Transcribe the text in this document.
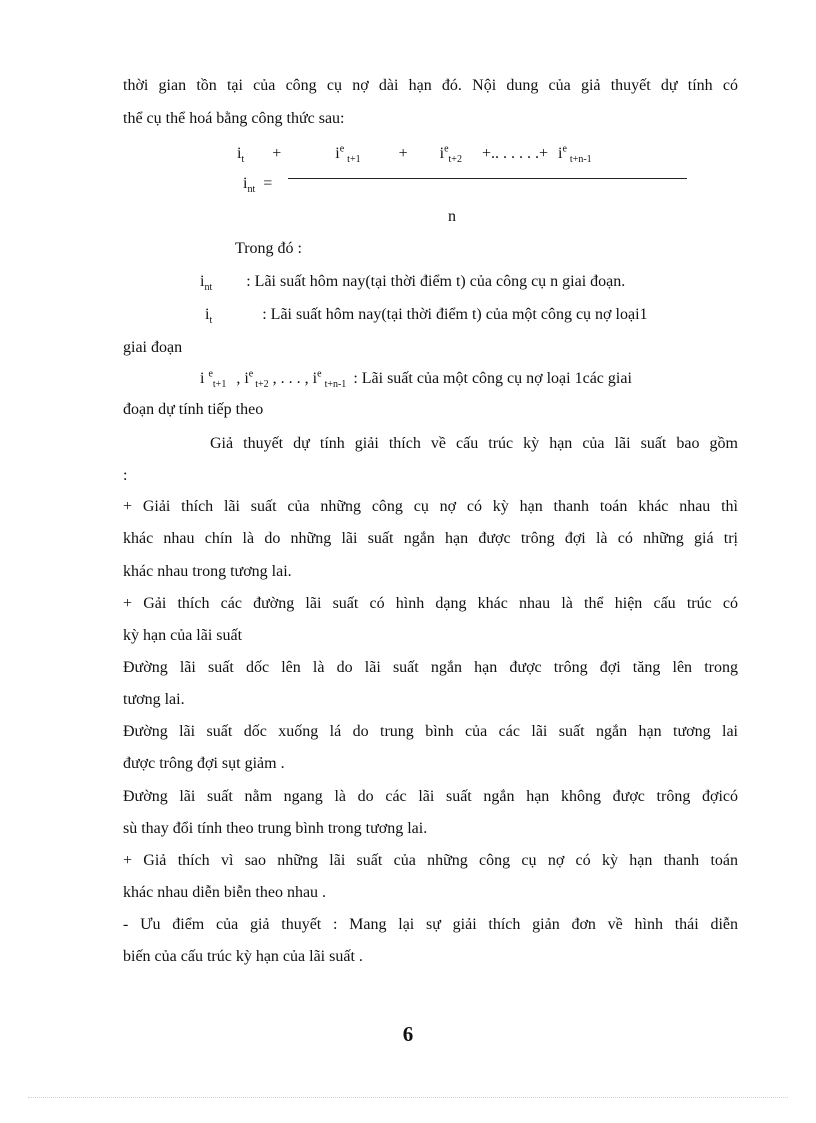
thời gian tồn tại của công cụ nợ dài hạn đó. Nội dung của giả thuyết dự tính có
thể cụ thể hoá bằng công thức sau:
$i_t$ +	$i^e_{t+1} + i^e_{t+2}$ +.. . . . . .+ $i^e_{t+n-1}$
$i_{nt}$ =
n
Trong đó :
$i_{nt}$ : Lãi suất hôm nay(tại thời điểm t) của công cụ n giai đoạn.
$i_t$	: Lãi suất hôm nay(tại thời điểm t) của một công cụ nợ loại1
giai đoạn
i $^e_{t+1}$ , $i^e_{t+2}$ , . . . , $i^e_{t+n-1}$ : Lãi suất của một công cụ nợ loại 1các giai
đoạn dự tính tiếp theo
Giả thuyết dự tính giải thích về cấu trúc kỳ hạn của lãi suất bao gồm
:
+ Giải thích lãi suất của những công cụ nợ có kỳ hạn thanh toán khác nhau thì
khác nhau chín là do những lãi suất ngắn hạn được trông đợi là có những giá trị
khác nhau trong tương lai.
+ Gải thích các đường lãi suất có hình dạng khác nhau là thể hiện cấu trúc có
kỳ hạn của lãi suất
Đường lãi suất dốc lên là do lãi suất ngắn hạn được trông đợi tăng lên trong
tương lai.
Đường lãi suất dốc xuống lá do trung bình của các lãi suất ngắn hạn tương lai
được trông đợi sụt giảm .
Đường lãi suất nằm ngang là do các lãi suất ngắn hạn không được trông đợicó
sù thay đổi tính theo trung bình trong tương lai.
+ Giả thích vì sao những lãi suất của những công cụ nợ có kỳ hạn thanh toán
khác nhau diễn biễn theo nhau .
- Ưu điểm của giả thuyết : Mang lại sự giải thích giản đơn về hình thái diễn
biến của cấu trúc kỳ hạn của lãi suất .
6
